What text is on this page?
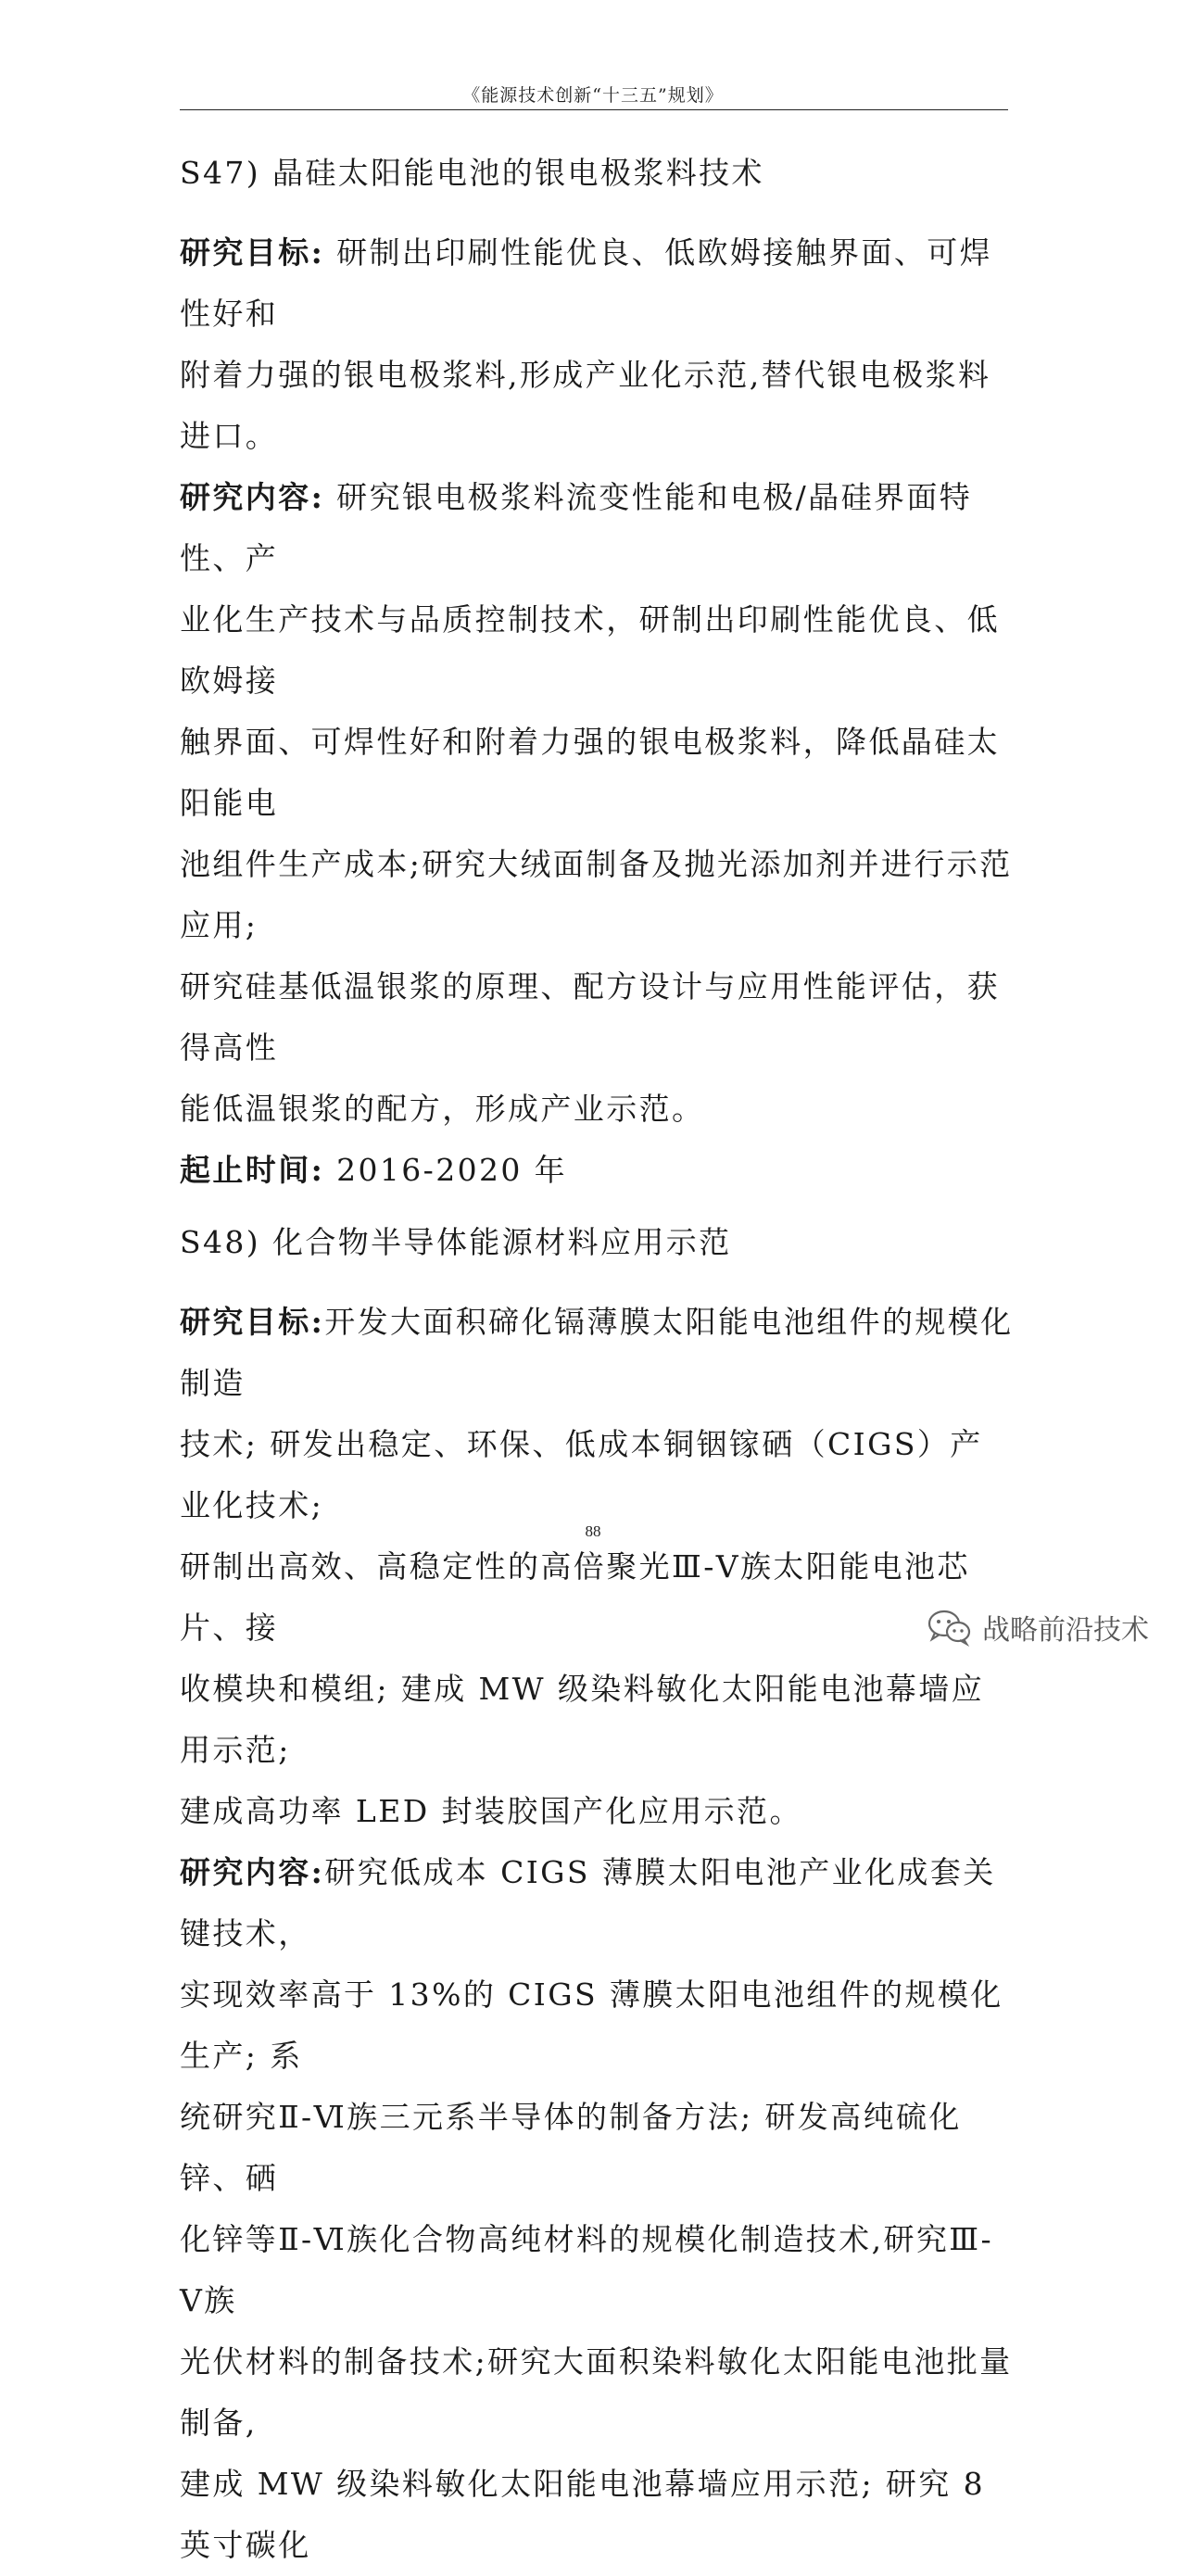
《能源技术创新“十三五”规划》
S47) 晶硅太阳能电池的银电极浆料技术
研究目标: 研制出印刷性能优良、低欧姆接触界面、可焊性好和
附着力强的银电极浆料,形成产业化示范,替代银电极浆料进口。
研究内容: 研究银电极浆料流变性能和电极/晶硅界面特性、产
业化生产技术与品质控制技术，研制出印刷性能优良、低欧姆接
触界面、可焊性好和附着力强的银电极浆料，降低晶硅太阳能电
池组件生产成本;研究大绒面制备及抛光添加剂并进行示范应用;
研究硅基低温银浆的原理、配方设计与应用性能评估，获得高性
能低温银浆的配方，形成产业示范。
起止时间: 2016-2020 年
S48) 化合物半导体能源材料应用示范
研究目标:开发大面积碲化镉薄膜太阳能电池组件的规模化制造
技术; 研发出稳定、环保、低成本铜铟镓硒（CIGS）产业化技术;
研制出高效、高稳定性的高倍聚光Ⅲ-Ⅴ族太阳能电池芯片、接
收模块和模组; 建成 MW 级染料敏化太阳能电池幕墙应用示范;
建成高功率 LED 封装胶国产化应用示范。
研究内容:研究低成本 CIGS 薄膜太阳电池产业化成套关键技术，
实现效率高于 13%的 CIGS 薄膜太阳电池组件的规模化生产; 系
统研究Ⅱ-Ⅵ族三元系半导体的制备方法; 研发高纯硫化锌、硒
化锌等Ⅱ-Ⅵ族化合物高纯材料的规模化制造技术,研究Ⅲ-Ⅴ族
光伏材料的制备技术;研究大面积染料敏化太阳能电池批量制备,
建成 MW 级染料敏化太阳能电池幕墙应用示范; 研究 8 英寸碳化
88
战略前沿技术
